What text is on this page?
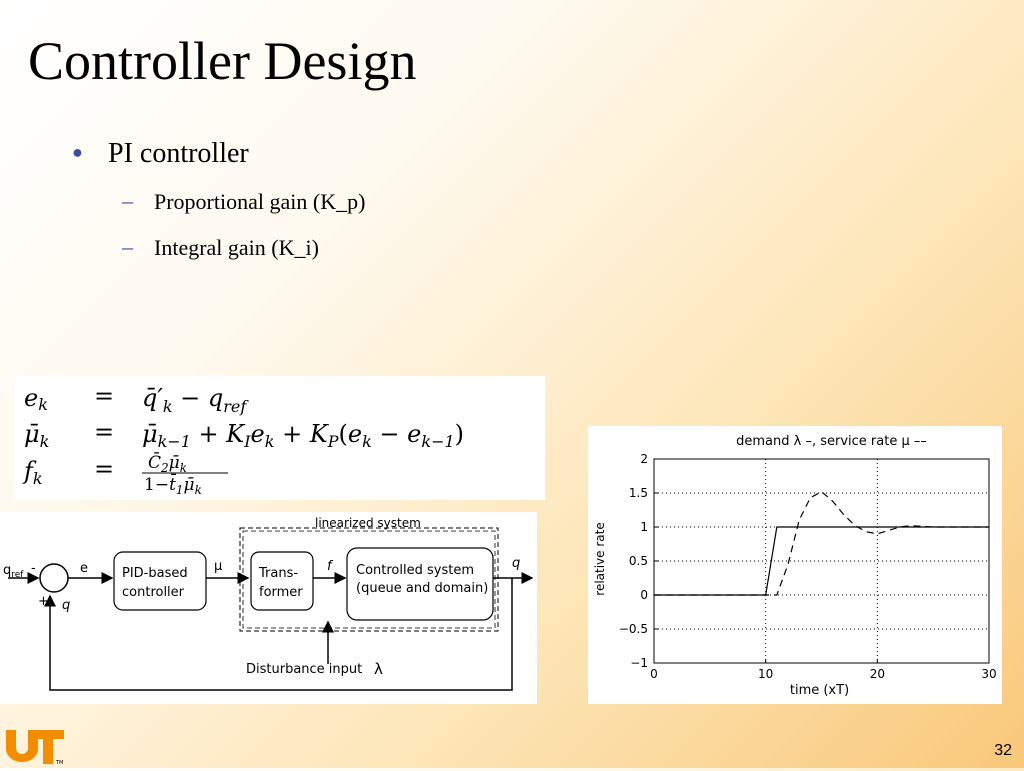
Controller Design
● PI controller
– Proportional gain (K_p)
– Integral gain (K_i)
ek = $q̄'_k - q_{ref}$
$\mū_k$ = $\mū_{k-1} + K_Ie_k + K_P(e_k - e_{k-1})$
$f_k$ = $C̄_2\mū_k$
$1-t̄_1\mū_k$
$q_{ref}$ -
+ q
e	PID-based
controller
μ
linearized system
Trans-
former
f Controlled system
(queue and domain)
q
Disturbance input λ	0	10	20	30
2
1.5
1
0.5
0
−0.5
−1
demand λ –, service rate μ ––
time (xT)
relative rate
TM
32
